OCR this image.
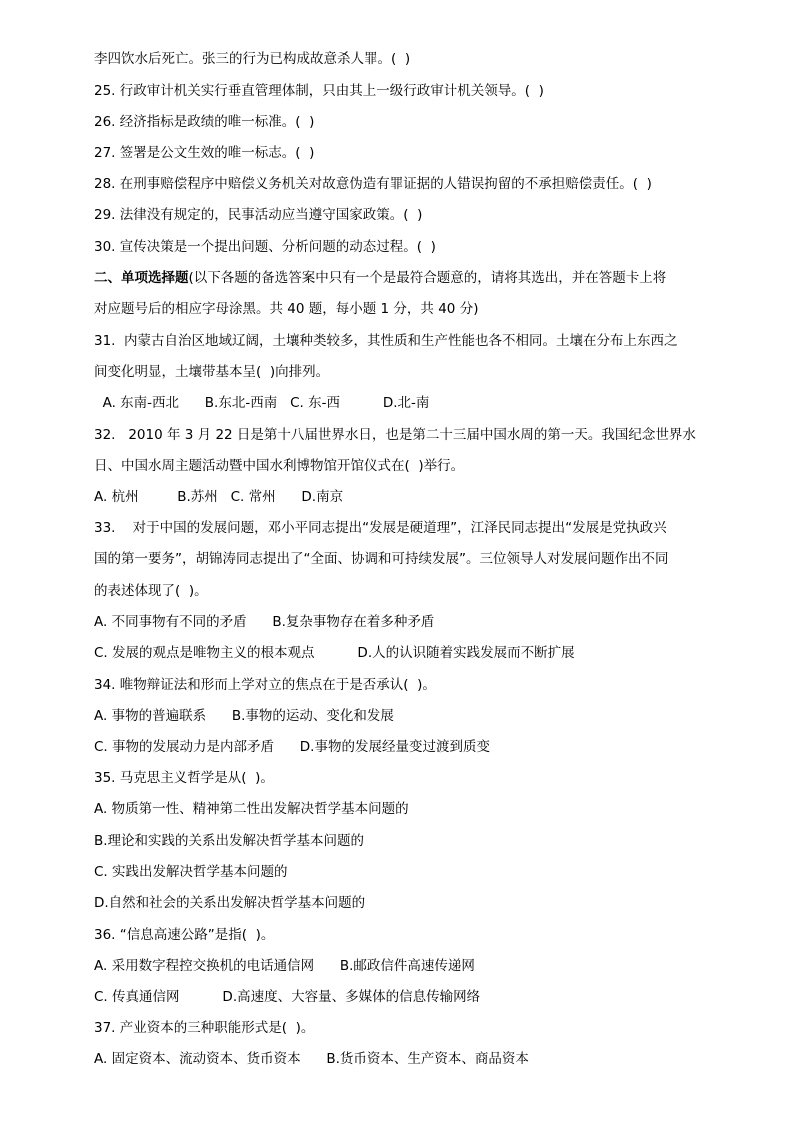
李四饮水后死亡。张三的行为已构成故意杀人罪。(  )
25. 行政审计机关实行垂直管理体制，只由其上一级行政审计机关领导。(  )
26. 经济指标是政绩的唯一标准。(  )
27. 签署是公文生效的唯一标志。(  )
28. 在刑事赔偿程序中赔偿义务机关对故意伪造有罪证据的人错误拘留的不承担赔偿责任。(  )
29. 法律没有规定的，民事活动应当遵守国家政策。(  )
30. 宣传决策是一个提出问题、分析问题的动态过程。(  )
二、单项选择题(以下各题的备选答案中只有一个是最符合题意的，请将其选出，并在答题卡上将
对应题号后的相应字母涂黑。共 40 题，每小题 1 分，共 40 分)
31.  内蒙古自治区地域辽阔，土壤种类较多，其性质和生产性能也各不相同。土壤在分布上东西之
间变化明显，土壤带基本呈(  )向排列。
A. 东南-西北      B.东北-西南   C. 东-西          D.北-南
32.   2010 年 3 月 22 日是第十八届世界水日，也是第二十三届中国水周的第一天。我国纪念世界水
日、中国水周主题活动暨中国水利博物馆开馆仪式在(  )举行。
A. 杭州         B.苏州   C. 常州      D.南京
33.    对于中国的发展问题，邓小平同志提出“发展是硬道理”，江泽民同志提出“发展是党执政兴
国的第一要务”，胡锦涛同志提出了“全面、协调和可持续发展”。三位领导人对发展问题作出不同
的表述体现了(  )。
A. 不同事物有不同的矛盾      B.复杂事物存在着多种矛盾
C. 发展的观点是唯物主义的根本观点          D.人的认识随着实践发展而不断扩展
34. 唯物辩证法和形而上学对立的焦点在于是否承认(  )。
A. 事物的普遍联系      B.事物的运动、变化和发展
C. 事物的发展动力是内部矛盾      D.事物的发展经量变过渡到质变
35. 马克思主义哲学是从(  )。
A. 物质第一性、精神第二性出发解决哲学基本问题的
B.理论和实践的关系出发解决哲学基本问题的
C. 实践出发解决哲学基本问题的
D.自然和社会的关系出发解决哲学基本问题的
36. “信息高速公路”是指(  )。
A. 采用数字程控交换机的电话通信网      B.邮政信件高速传递网
C. 传真通信网          D.高速度、大容量、多媒体的信息传输网络
37. 产业资本的三种职能形式是(  )。
A. 固定资本、流动资本、货币资本      B.货币资本、生产资本、商品资本
